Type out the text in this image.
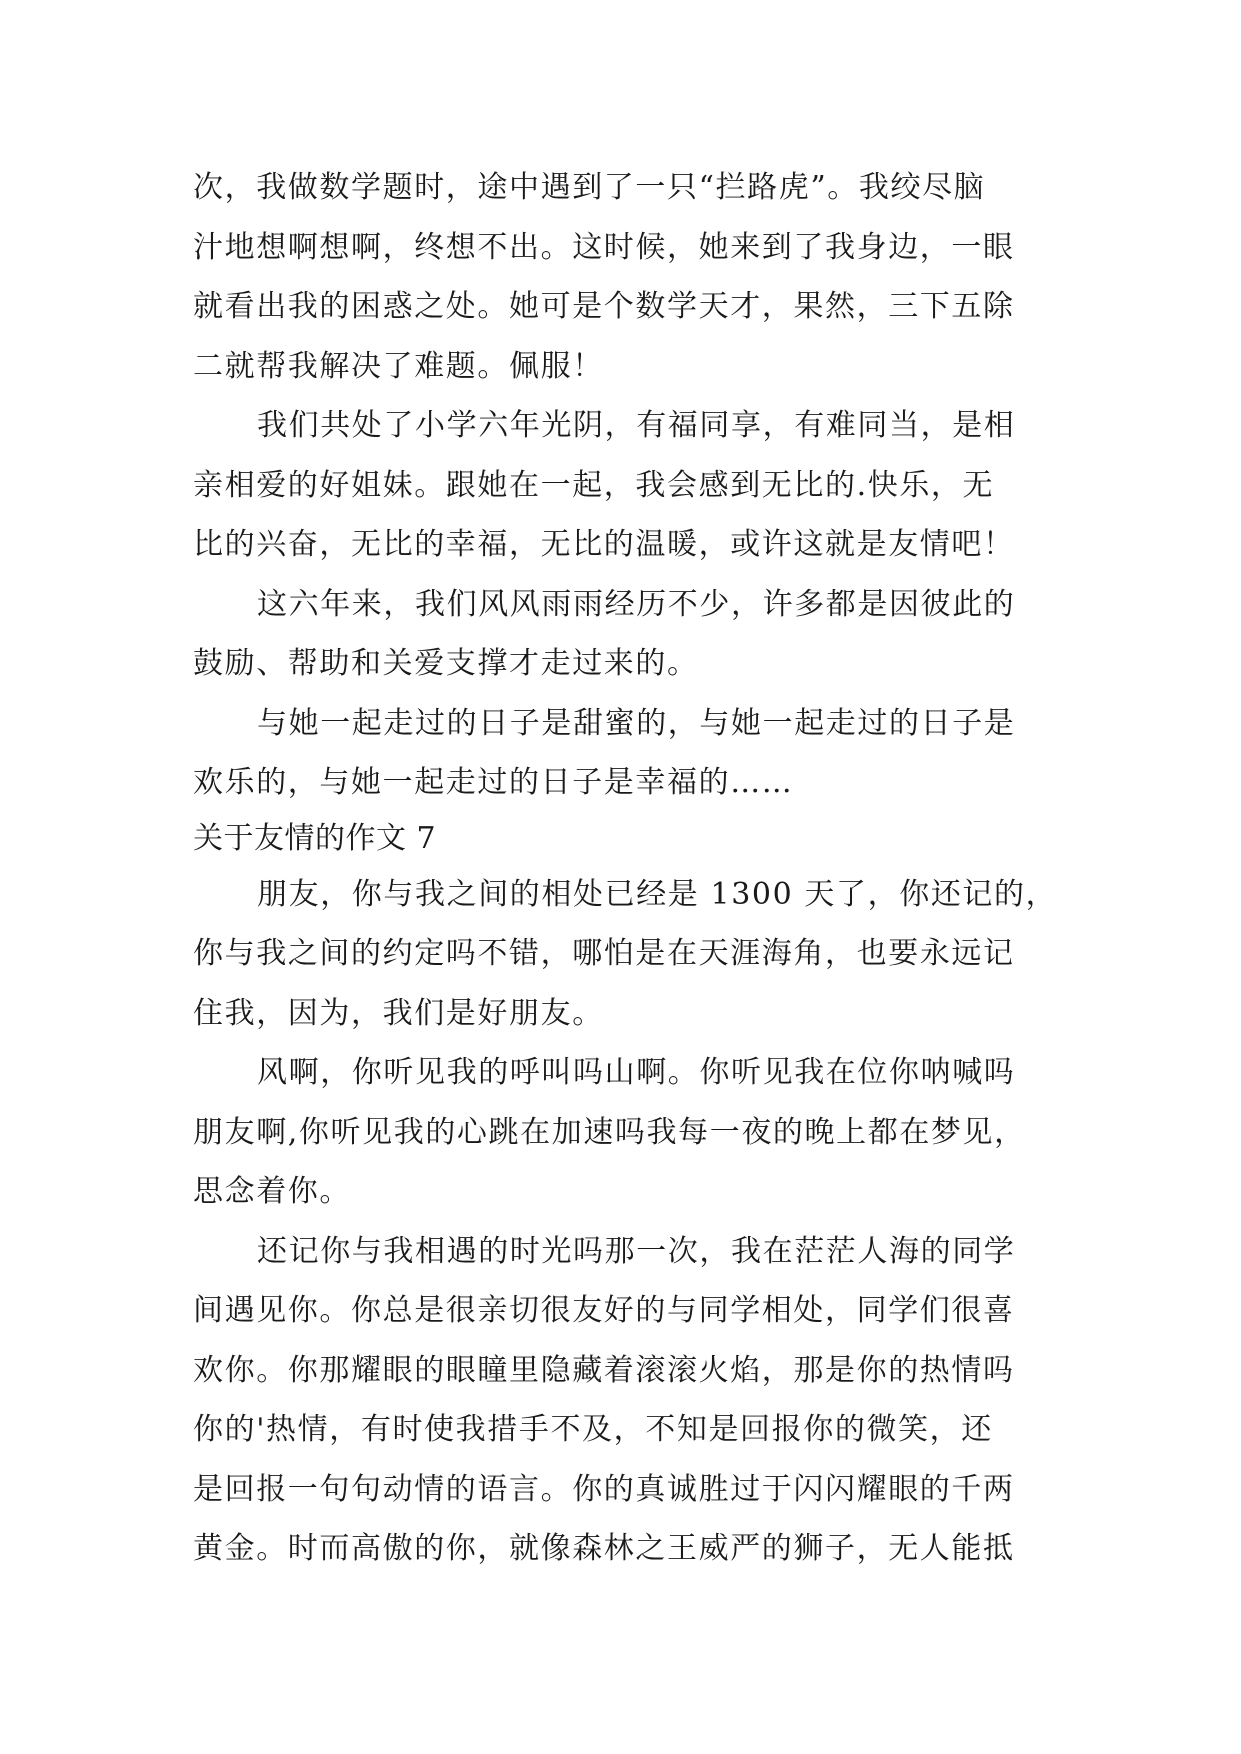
次，我做数学题时，途中遇到了一只“拦路虎”。我绞尽脑
汁地想啊想啊，终想不出。这时候，她来到了我身边，一眼
就看出我的困惑之处。她可是个数学天才，果然，三下五除
二就帮我解决了难题。佩服！
我们共处了小学六年光阴，有福同享，有难同当，是相
亲相爱的好姐妹。跟她在一起，我会感到无比的.快乐，无
比的兴奋，无比的幸福，无比的温暖，或许这就是友情吧！
这六年来，我们风风雨雨经历不少，许多都是因彼此的
鼓励、帮助和关爱支撑才走过来的。
与她一起走过的日子是甜蜜的，与她一起走过的日子是
欢乐的，与她一起走过的日子是幸福的……
关于友情的作文 7
朋友，你与我之间的相处已经是 1300 天了，你还记的，
你与我之间的约定吗不错，哪怕是在天涯海角，也要永远记
住我，因为，我们是好朋友。
风啊，你听见我的呼叫吗山啊。你听见我在位你呐喊吗
朋友啊,你听见我的心跳在加速吗我每一夜的晚上都在梦见，
思念着你。
还记你与我相遇的时光吗那一次，我在茫茫人海的同学
间遇见你。你总是很亲切很友好的与同学相处，同学们很喜
欢你。你那耀眼的眼瞳里隐藏着滚滚火焰，那是你的热情吗
你的'热情，有时使我措手不及，不知是回报你的微笑，还
是回报一句句动情的语言。你的真诚胜过于闪闪耀眼的千两
黄金。时而高傲的你，就像森林之王威严的狮子，无人能抵
